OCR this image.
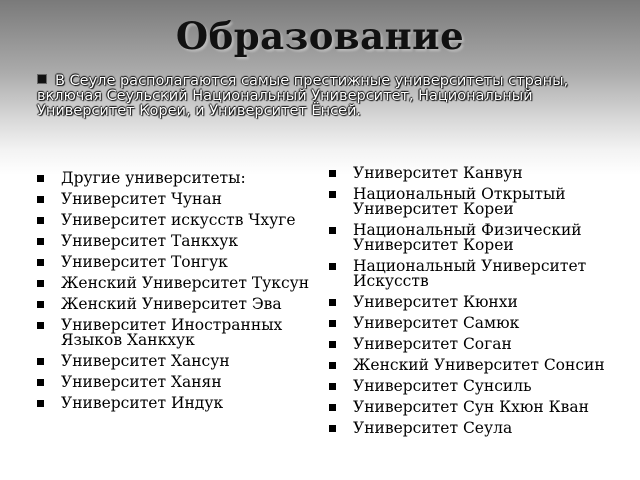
Образование
В Сеуле располагаются самые престижные университеты страны, включая Сеульский Национальный Университет, Национальный Университет Кореи, и Университет Ёнсей.
Другие университеты:
Университет Чунан
Университет искусств Чхуге
Университет Танкхук
Университет Тонгук
Женский Университет Туксун
Женский Университет Эва
Университет Иностранных Языков Ханкхук
Университет Хансун
Университет Ханян
Университет Индук
Университет Канвун
Национальный Открытый Университет Кореи
Национальный Физический Университет Кореи
Национальный Университет Искусств
Университет Кюнхи
Университет Самюк
Университет Соган
Женский Университет Сонсин
Университет Сунсиль
Университет Сун Кхюн Кван
Университет Сеула
